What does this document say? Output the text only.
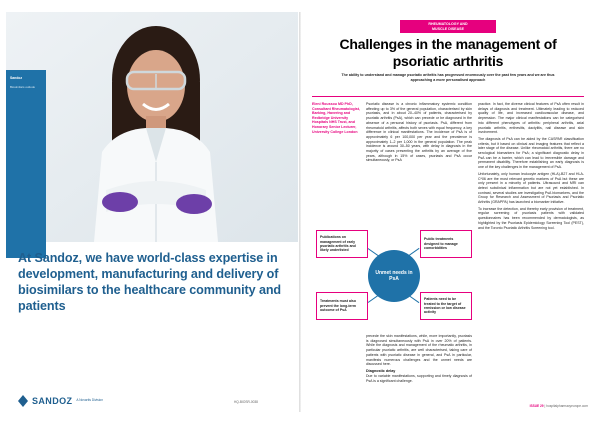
Sandoz
Biosimilars outlook
At Sandoz, we have world-class expertise in development, manufacturing and delivery of biosimilars to the healthcare community and patients
SANDOZ A Novartis Division	HQ-BIOSR-0038
RHEUMATOLOGY AND
MUSCLE DISEASE
Challenges in the management of psoriatic arthritis
The ability to understand and manage psoriatic arthritis has progressed enormously over the past few years and we are thus approaching a more personalised approach
Eleni Roussou MD PhD, Consultant Rheumatologist, Barking, Havering and Redbridge University Hospitals NHS Trust, and Honorary Senior Lecturer, University College London

Psoriatic disease is a chronic inflammatory systemic condition affecting up to 3% of the general population, characterised by skin psoriasis, and in about 20–40% of patients, characterised by psoriatic arthritis (PsA), which can precede or be diagnosed in the absence of a personal history of psoriasis. PsA, different from rheumatoid arthritis, affects both sexes with equal frequency, a key difference in clinical manifestations. The incidence of PsA is of approximately 6 per 100,000 per year and the prevalence is approximately 1–2 per 1,000 in the general population. The peak incidence is around 30–50 years, with delay in diagnosis in the majority of cases presenting the arthritis by an average of five years, although in 15% of cases, psoriasis and PsA occur simultaneously, or PsA

Publications on management of early psoriatic arthritis and likely underlisted
Public treatments designed to manage comorbidities
Treatments must also prevent the long-term outcome of PsA
Patients need to be treated to the target of remission or low disease activity
Unmet needs in PsA

precede the skin manifestations, while, more importantly, psoriasis is diagnosed simultaneously with PsA in over 20% of patients. While the diagnosis and management of the rheumatic arthritis, in particular psoriatic arthritis, are well characterised, taking care of patients with psoriatic disease in general, and PsA in particular, manifests numerous challenges and the unmet needs are discussed here.

Diagnostic delay

Due to variable manifestations, supporting and timely diagnosis of PsA is a significant challenge.

practice. In fact, the diverse clinical features of PsA often result in delays of diagnosis and treatment. Ultimately leading to reduced quality of life, and increased cardiovascular disease, and depression. The major clinical manifestations can be categorised into different phenotypes of arthritis: peripheral arthritis, axial psoriatic arthritis, enthesitis, dactylitis, nail disease and skin involvement.

The diagnosis of PsA can be aided by the CASPAR classification criteria, but it based on clinical and imaging features that reflect a later stage of the disease. Unlike rheumatoid arthritis, there are no serological biomarkers for PsA; a significant diagnostic delay in PsA can be a barrier, which can lead to irreversible damage and permanent disability. Therefore establishing an early diagnosis is one of the key challenges in the management of PsA.

Unfortunately, only human leukocyte antigen (HLA)-B27 and HLA-C*06 are the most relevant genetic markers of PsA but these are only present in a minority of patients. Ultrasound and MRI can detect subclinical inflammation but are not yet established. In contrast, several studies are investigating PsA biomarkers, and the Group for Research and Assessment of Psoriasis and Psoriatic Arthritis (GRAPPA) has launched a biomarker initiative.

To increase the detection, and thereby early provision of treatment, regular screening of psoriasis patients with validated questionnaires has been recommended by dermatologists, as highlighted by the Psoriasis Epidemiology Screening Tool (PEST), and the Toronto Psoriatic Arthritis Screening tool.

ISSUE 29 | hospitalpharmacyeurope.com
